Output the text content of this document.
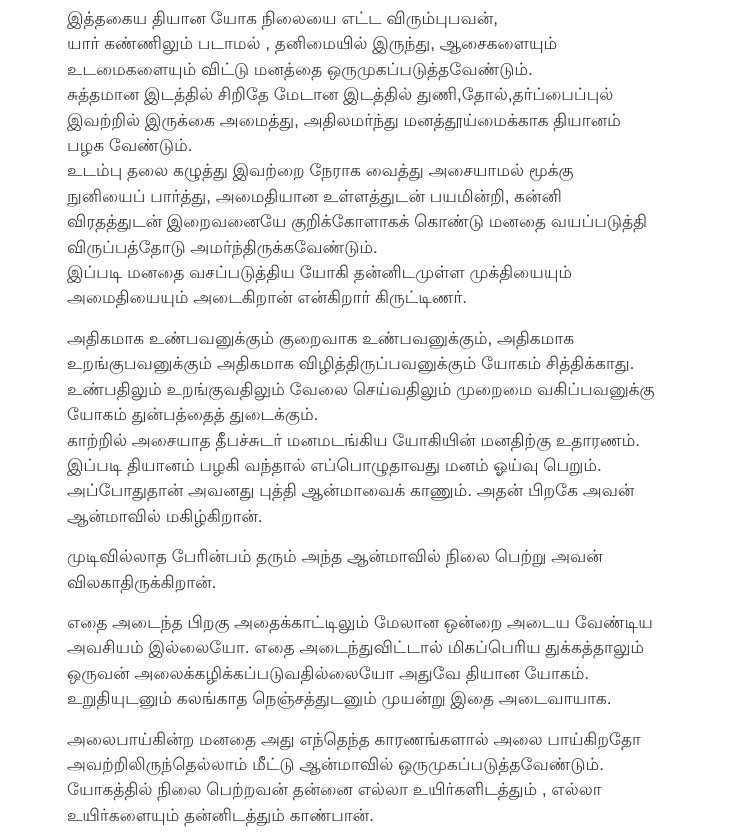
இத்தகைய தியான யோக நிலையை எட்ட விரும்புபவன்,
யார் கண்ணிலும் படாமல் , தனிமையில் இருந்து, ஆசைகளையும்
உடமைகளையும் விட்டு மனத்தை ஒருமுகப்படுத்தவேண்டும்.
சுத்தமான இடத்தில் சிறிதே மேடான இடத்தில் துணி,தோல்,தர்ப்பைப்புல்
இவற்றில் இருக்கை அமைத்து, அதிலமர்ந்து மனத்தூய்மைக்காக தியானம்
பழக வேண்டும்.
உடம்பு தலை கழுத்து இவற்றை நேராக வைத்து அசையாமல் மூக்கு
நுனியைப் பார்த்து, அமைதியான உள்ளத்துடன் பயமின்றி, கன்னி
விரதத்துடன் இறைவனையே குறிக்கோளாகக் கொண்டு மனதை வயப்படுத்தி
விருப்பத்தோடு அமர்ந்திருக்கவேண்டும்.
இப்படி மனதை வசப்படுத்திய யோகி தன்னிடமுள்ள முக்தியையும்
அமைதியையும் அடைகிறான் என்கிறார் கிருட்டிணர்.

அதிகமாக உண்பவனுக்கும் குறைவாக உண்பவனுக்கும், அதிகமாக
உறங்குபவனுக்கும் அதிகமாக விழித்திருப்பவனுக்கும் யோகம் சித்திக்காது.
உண்பதிலும் உறங்குவதிலும் வேலை செய்வதிலும் முறைமை வகிப்பவனுக்கு
யோகம் துன்பத்தைத் துடைக்கும்.
காற்றில் அசையாத தீபச்சுடர் மனமடங்கிய யோகியின் மனதிற்கு உதாரணம்.
இப்படி தியானம் பழகி வந்தால் எப்பொழுதாவது மனம் ஓய்வு பெறும்.
அப்போதுதான் அவனது புத்தி ஆன்மாவைக் காணும். அதன் பிறகே அவன்
ஆன்மாவில் மகிழ்கிறான்.

முடிவில்லாத பேரின்பம் தரும் அந்த ஆன்மாவில் நிலை பெற்று அவன்
விலகாதிருக்கிறான்.

எதை அடைந்த பிறகு அதைக்காட்டிலும் மேலான ஒன்றை அடைய வேண்டிய
அவசியம் இல்லையோ. எதை அடைந்துவிட்டால் மிகப்பெரிய துக்கத்தாலும்
ஒருவன் அலைக்கழிக்கப்படுவதில்லையோ அதுவே தியான யோகம்.
உறுதியுடனும் கலங்காத நெஞ்சத்துடனும் முயன்று இதை அடைவாயாக.

அலைபாய்கின்ற மனதை அது எந்தெந்த காரணங்களால் அலை பாய்கிறதோ
அவற்றிலிருந்தெல்லாம் மீட்டு ஆன்மாவில் ஒருமுகப்படுத்தவேண்டும்.
யோகத்தில் நிலை பெற்றவன் தன்னை எல்லா உயிர்களிடத்தும் , எல்லா
உயிர்களையும் தன்னிடத்தும் காண்பான்.
